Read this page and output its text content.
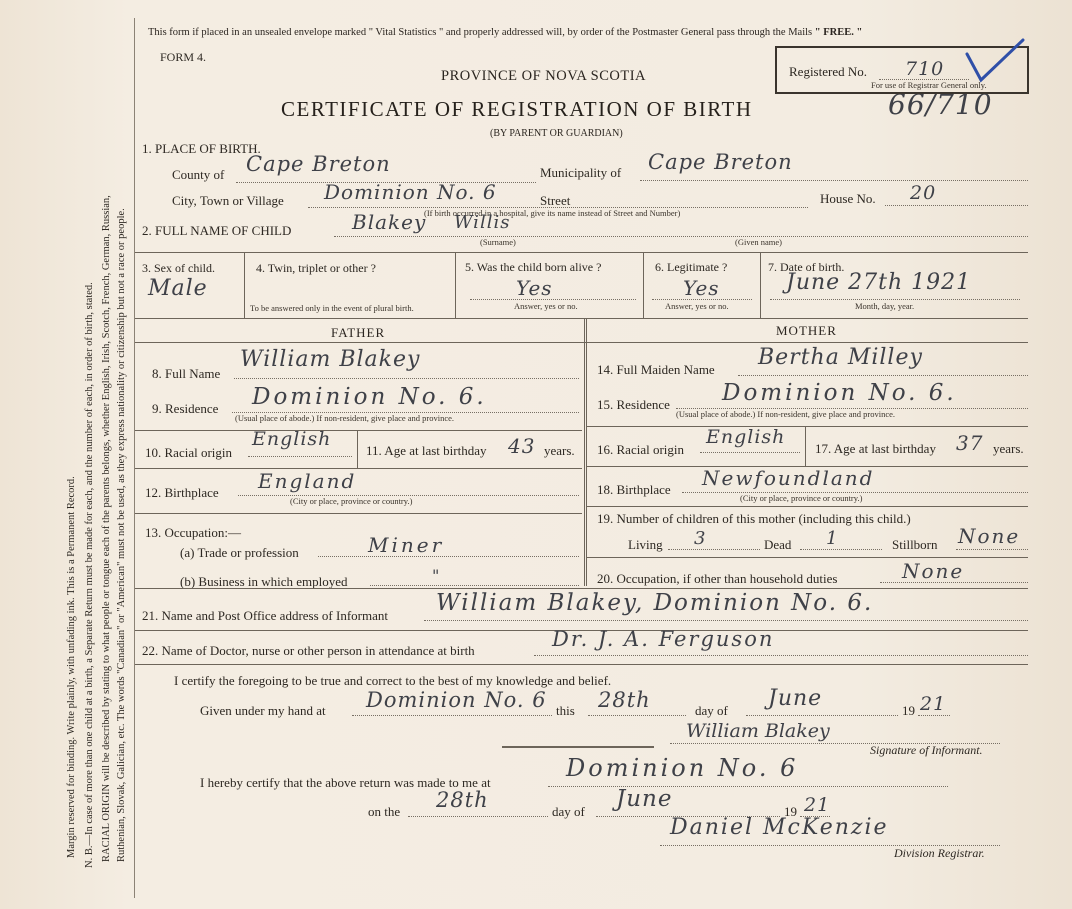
Margin reserved for binding. Write plainly, with unfading ink. This is a Permanent Record. N. B.—In case of more than one child at a birth, a Separate Return must be made for each, and the number of each, in order of birth, stated. RACIAL ORIGIN will be described by stating to what people or tongue each of the parents belongs, whether English, Irish, Scotch, French, German, Russian, Ruthenian, Slovak, Galician, etc. The words "Canadian" or "American" must not be used, as they express nationality or citizenship but not a race or people.
This form if placed in an unsealed envelope marked " Vital Statistics " and properly addressed will, by order of the Postmaster General pass through the Mails " FREE. "
FORM 4.
PROVINCE OF NOVA SCOTIA
CERTIFICATE OF REGISTRATION OF BIRTH	66/710
(BY PARENT OR GUARDIAN)
Registered No. 710
For use of Registrar General only.
1. PLACE OF BIRTH.
County of Cape Breton	Municipality of Cape Breton
City, Town or Village Dominion No. 6	Street
(If birth occurred in a hospital, give its name instead of Street and Number)
House No. 20
2. FULL NAME OF CHILD	Blakey Willis
(Surname)	(Given name)
3. Sex of child.
Male
4. Twin, triplet or other ?
To be answered only in the event of plural birth.
5. Was the child born alive ?
Yes
Answer, yes or no.
6. Legitimate ?
Yes
Answer, yes or no.
7. Date of birth.
June 27th 1921
Month, day, year.
FATHER	MOTHER
8. Full Name
William Blakey
9. Residence Dominion No. 6.
(Usual place of abode.) If non-resident, give place and province.
10. Racial origin
English
11. Age at last birthday 43 years.
12. Birthplace England
(City or place, province or country.)
13. Occupation:—
(a) Trade or profession	Miner
(b) Business in which employed	"
14. Full Maiden Name Bertha Milley
15. Residence Dominion No. 6.
(Usual place of abode.) If non-resident, give place and province.
16. Racial origin
English
17. Age at last birthday 37 years.
18. Birthplace Newfoundland
(City or place, province or country.)
19. Number of children of this mother (including this child.)
Living 3	Dead 1	Stillborn None
20. Occupation, if other than household duties	None
21. Name and Post Office address of Informant William Blakey, Dominion No. 6.
22. Name of Doctor, nurse or other person in attendance at birth	Dr. J. A. Ferguson
I certify the foregoing to be true and correct to the best of my knowledge and belief.
Given under my hand at Dominion No. 6 this 28th	day of June	19 21
William Blakey
Signature of Informant.
I hereby certify that the above return was made to me at
Dominion No. 6
on the 28th	day of June	19 21
Daniel McKenzie
Division Registrar.
